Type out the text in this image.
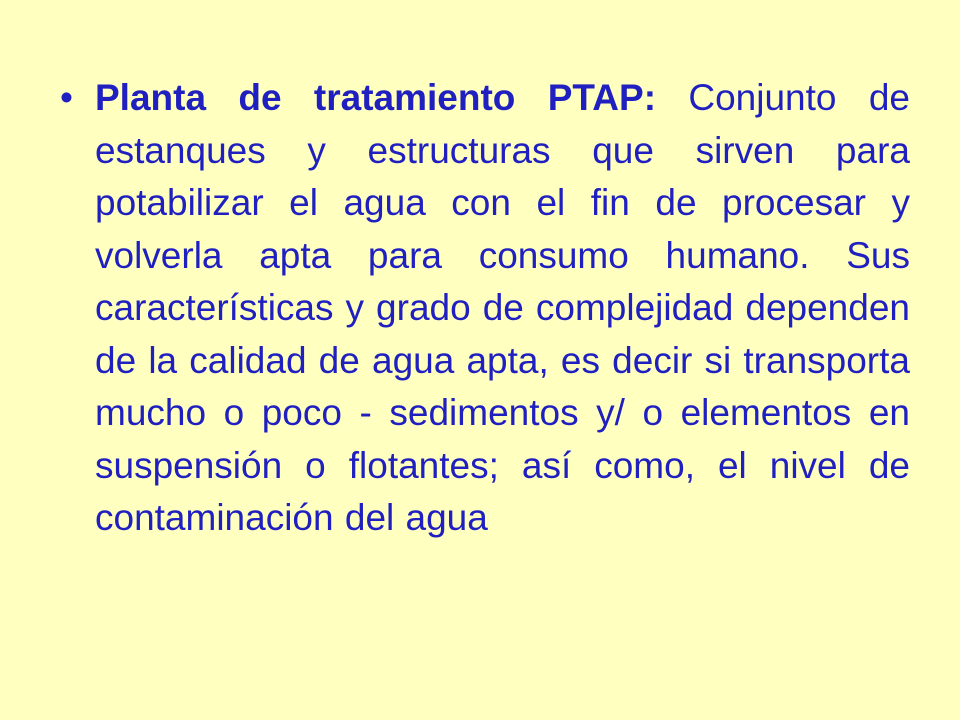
• Planta de tratamiento PTAP: Conjunto de estanques y estructuras que sirven para potabilizar el agua con el fin de procesar y volverla apta para consumo humano. Sus características y grado de complejidad dependen de la calidad de agua apta, es decir si transporta mucho o poco - sedimentos y/ o elementos en suspensión o flotantes; así como, el nivel de contaminación del agua
